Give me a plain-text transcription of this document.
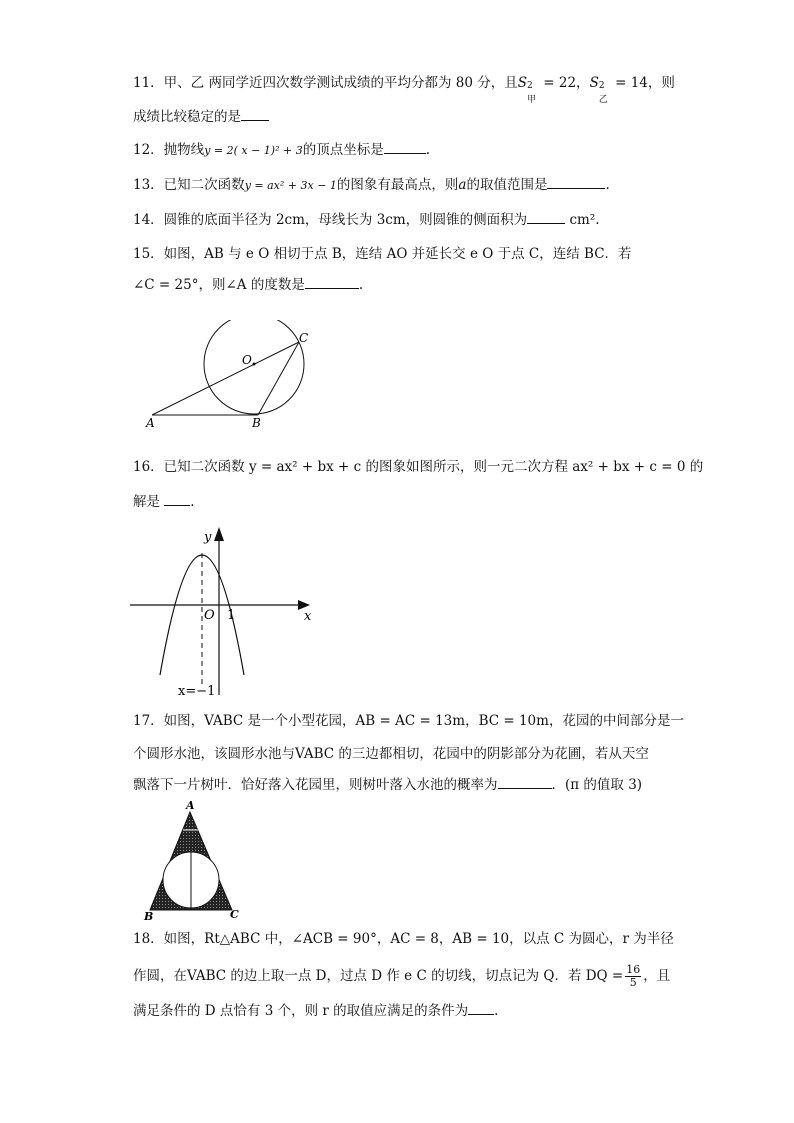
11．甲、乙 两同学近四次数学测试成绩的平均分都为 80 分，且S 2
甲
= 22，S 2
乙
= 14，则
成绩比较稳定的是
12．抛物线y = 2( x − 1)² + 3的顶点坐标是	.
13．已知二次函数y = ax² + 3x − 1的图象有最高点，则a的取值范围是	.
14．圆锥的底面半径为 2cm，母线长为 3cm，则圆锥的侧面积为	cm².
15．如图，AB 与 e O 相切于点 B，连结 AO 并延长交 e O 于点 C，连结 BC．若
∠C = 25°，则∠A 的度数是	.
O
C
A	B
16．已知二次函数 y = ax² + bx + c 的图象如图所示，则一元二次方程 ax² + bx + c = 0 的
解是 .
y
x
O 1
x=−1
17．如图，VABC 是一个小型花园，AB = AC = 13m，BC = 10m，花园的中间部分是一
个圆形水池，该圆形水池与VABC 的三边都相切，花园中的阴影部分为花圃，若从天空
飘落下一片树叶．恰好落入花园里，则树叶落入水池的概率为	．(π 的值取 3)
A
B	C
18．如图，Rt△ABC 中，∠ACB = 90°，AC = 8，AB = 10，以点 C 为圆心，r 为半径
作圆，在VABC 的边上取一点 D，过点 D 作 e C 的切线，切点记为 Q．若 DQ = $\frac{16}{5}$ ，且
满足条件的 D 点恰有 3 个，则 r 的取值应满足的条件为 .
